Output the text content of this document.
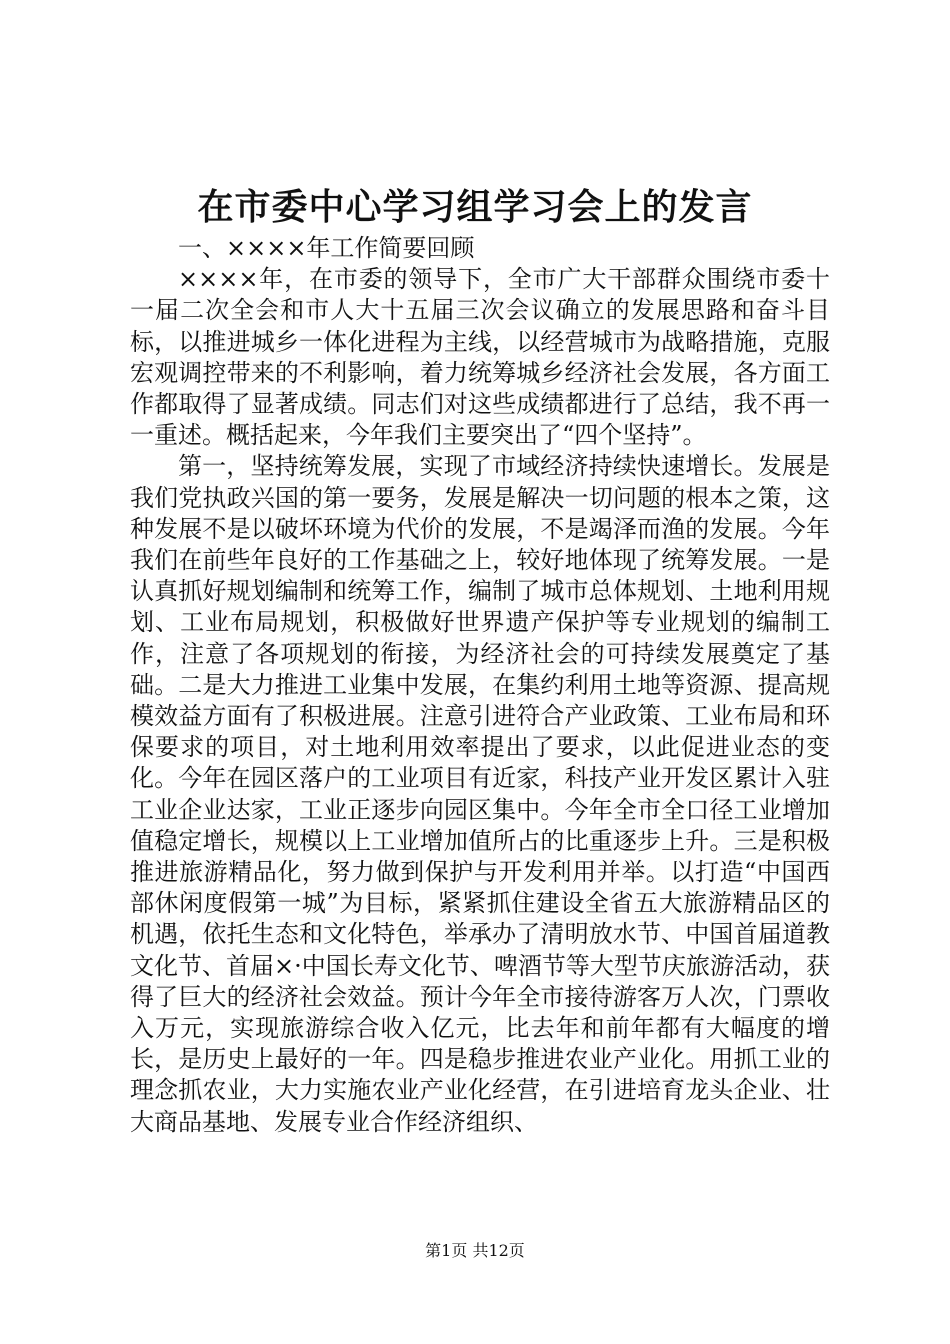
在市委中心学习组学习会上的发言
一、××××年工作简要回顾

××××年，在市委的领导下，全市广大干部群众围绕市委十一届二次全会和市人大十五届三次会议确立的发展思路和奋斗目标，以推进城乡一体化进程为主线，以经营城市为战略措施，克服宏观调控带来的不利影响，着力统筹城乡经济社会发展，各方面工作都取得了显著成绩。同志们对这些成绩都进行了总结，我不再一一重述。概括起来，今年我们主要突出了“四个坚持”。

第一，坚持统筹发展，实现了市域经济持续快速增长。发展是我们党执政兴国的第一要务，发展是解决一切问题的根本之策，这种发展不是以破坏环境为代价的发展，不是竭泽而渔的发展。今年我们在前些年良好的工作基础之上，较好地体现了统筹发展。一是认真抓好规划编制和统筹工作，编制了城市总体规划、土地利用规划、工业布局规划，积极做好世界遗产保护等专业规划的编制工作，注意了各项规划的衔接，为经济社会的可持续发展奠定了基础。二是大力推进工业集中发展，在集约利用土地等资源、提高规模效益方面有了积极进展。注意引进符合产业政策、工业布局和环保要求的项目，对土地利用效率提出了要求，以此促进业态的变化。今年在园区落户的工业项目有近家，科技产业开发区累计入驻工业企业达家，工业正逐步向园区集中。今年全市全口径工业增加值稳定增长，规模以上工业增加值所占的比重逐步上升。三是积极推进旅游精品化，努力做到保护与开发利用并举。以打造“中国西部休闲度假第一城”为目标，紧紧抓住建设全省五大旅游精品区的机遇，依托生态和文化特色，举承办了清明放水节、中国首届道教文化节、首届×·中国长寿文化节、啤酒节等大型节庆旅游活动，获得了巨大的经济社会效益。预计今年全市接待游客万人次，门票收入万元，实现旅游综合收入亿元，比去年和前年都有大幅度的增长，是历史上最好的一年。四是稳步推进农业产业化。用抓工业的理念抓农业，大力实施农业产业化经营，在引进培育龙头企业、壮大商品基地、发展专业合作经济组织、

第1页 共12页
